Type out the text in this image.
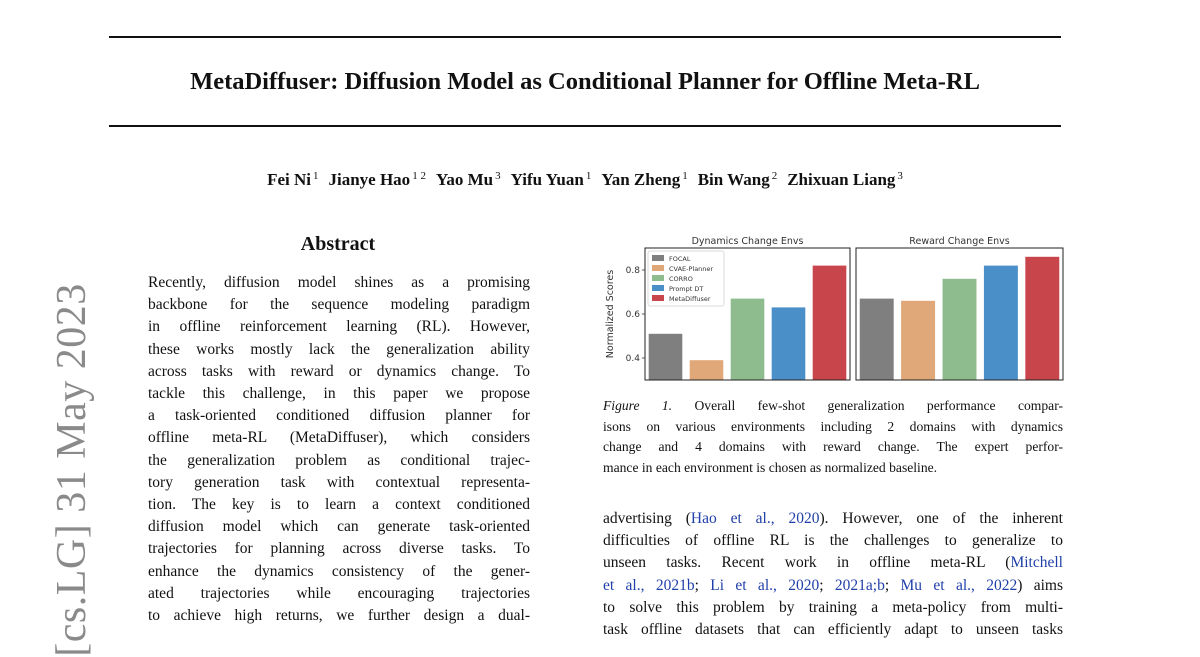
MetaDiffuser: Diffusion Model as Conditional Planner for Offline Meta-RL
Fei Ni $^1$ Jianye Hao $^{1 2}$ Yao Mu $^3$ Yifu Yuan $^1$ Yan Zheng $^1$ Bin Wang $^2$ Zhixuan Liang $^3$
[cs.LG] 31 May 2023
Abstract
Recently, diffusion model shines as a promising
backbone for the sequence modeling paradigm
in offline reinforcement learning (RL). However,
these works mostly lack the generalization ability
across tasks with reward or dynamics change. To
tackle this challenge, in this paper we propose
a task-oriented conditioned diffusion planner for
offline meta-RL (MetaDiffuser), which considers
the generalization problem as conditional trajec-
tory generation task with contextual representa-
tion. The key is to learn a context conditioned
diffusion model which can generate task-oriented
trajectories for planning across diverse tasks. To
enhance the dynamics consistency of the gener-
ated trajectories while encouraging trajectories
to achieve high returns, we further design a dual-
Normalized Scores
0.4
0.6
0.8
Dynamics Change Envs	Reward Change Envs
FOCAL
CVAE-Planner
CORRO
Prompt DT
MetaDiffuser
Figure 1. Overall few-shot generalization performance compar-
isons on various environments including 2 domains with dynamics
change and 4 domains with reward change. The expert perfor-
mance in each environment is chosen as normalized baseline.
advertising (Hao et al., 2020). However, one of the inherent
difficulties of offline RL is the challenges to generalize to
unseen tasks. Recent work in offline meta-RL (Mitchell
et al., 2021b; Li et al., 2020; 2021a;b; Mu et al., 2022) aims
to solve this problem by training a meta-policy from multi-
task offline datasets that can efficiently adapt to unseen tasks
